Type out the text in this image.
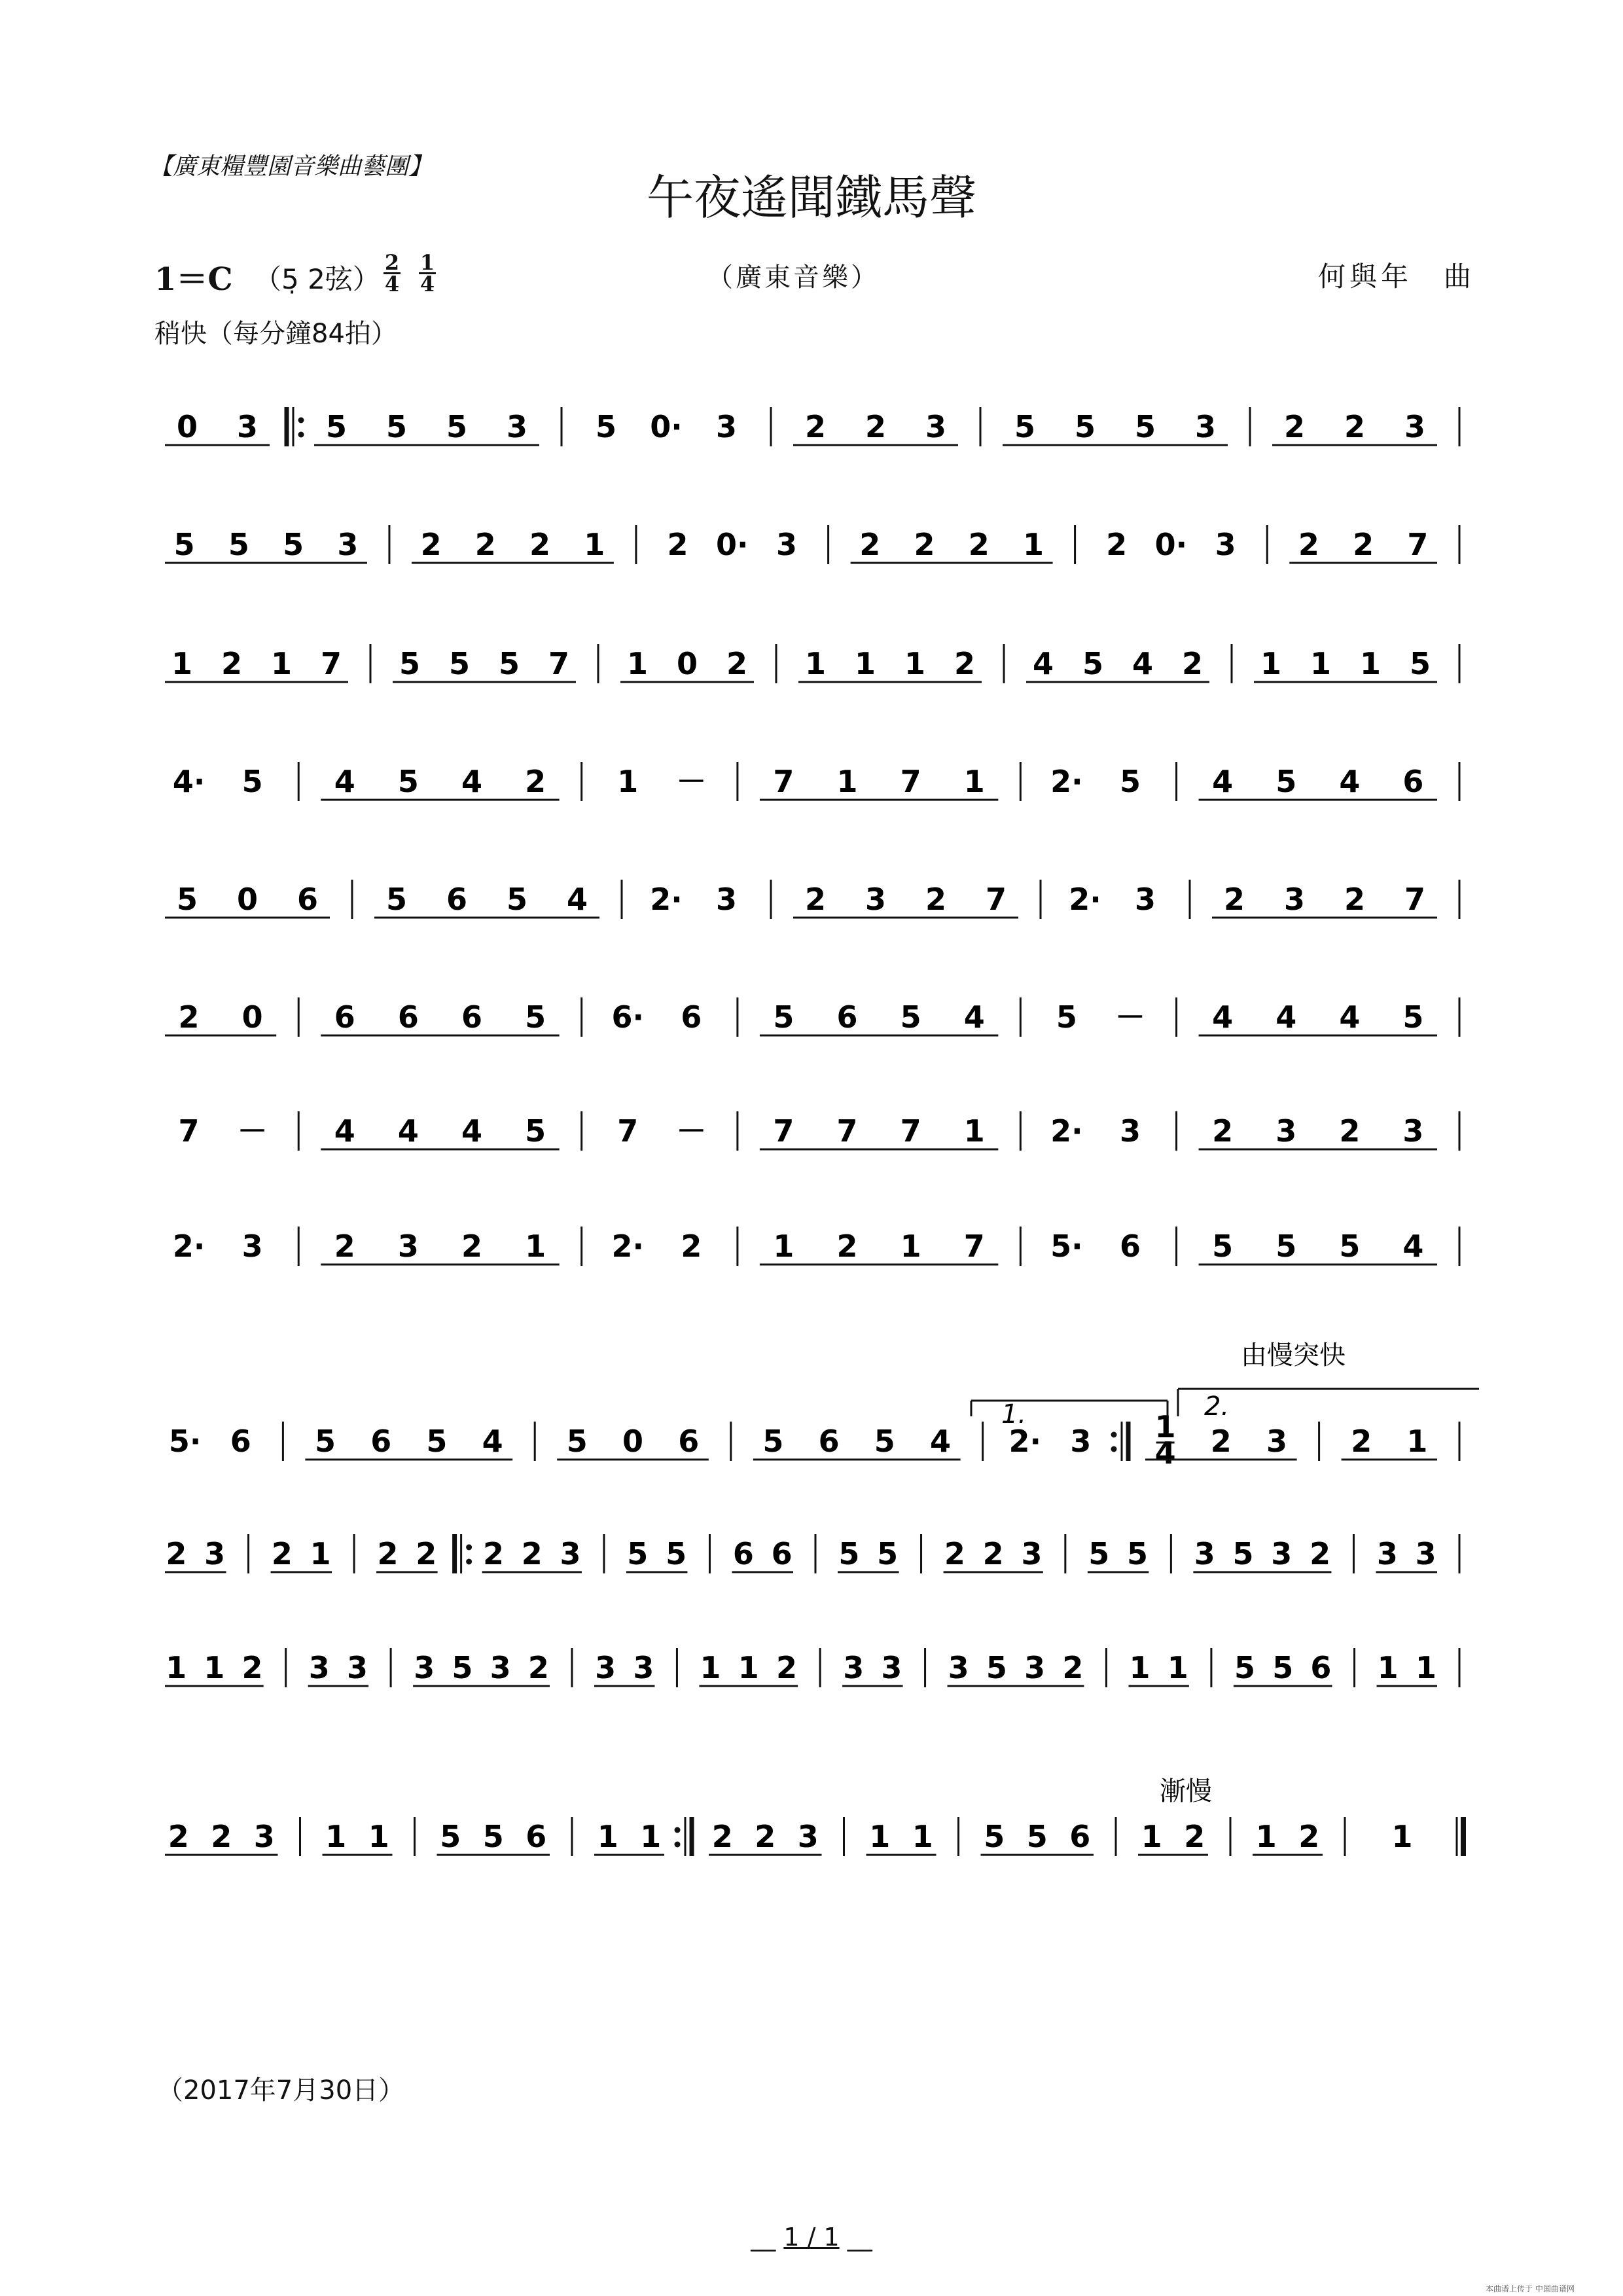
【廣東糧豐園音樂曲藝團】
午夜遙聞鐵馬聲
1＝C （5̣ 2弦）
2
4
1
4	（廣東音樂）	何與年　曲
稍快（每分鐘84拍）
0 3 5 5 5 3 5 0· 3 2 2 3 5 5 5 3 2 2 3
5 5 5 3 2 2 2 1 2 0· 3 2 2 2 1 2 0· 3 2 2 7
1 2 1 7 5 5 5 7 1 0 2 1 1 1 2 4 5 4 2 1 1 1 5
4· 5 4 5 4 2 1 － 7 1 7 1 2· 5 4 5 4 6
5 0 6 5 6 5 4 2· 3 2 3 2 7 2· 3 2 3 2 7
2 0 6 6 6 5 6· 6 5 6 5 4 5 － 4 4 4 5
7 － 4 4 4 5 7 － 7 7 7 1 2· 3 2 3 2 3
2· 3 2 3 2 1 2· 2 1 2 1 7 5· 6 5 5 5 4
5· 6 5 6 5 4 5 0 6 5 6 5 4 2· 3 1
4 2 3 2 1
2 3 2 1 2 2 2 2 3 5 5 6 6 5 5 2 2 3 5 5 3 5 3 2 3 3
1 1 2 3 3 3 5 3 2 3 3 1 1 2 3 3 3 5 3 2 1 1 5 5 6 1 1
2 2 3 1 1 5 5 6 1 1 2 2 3 1 1 5 5 6 1 2 1 2 1
1.	2.
由慢突快
漸慢
（2017年7月30日）
__ 1 / 1 __
本曲谱上传于 中国曲谱网
